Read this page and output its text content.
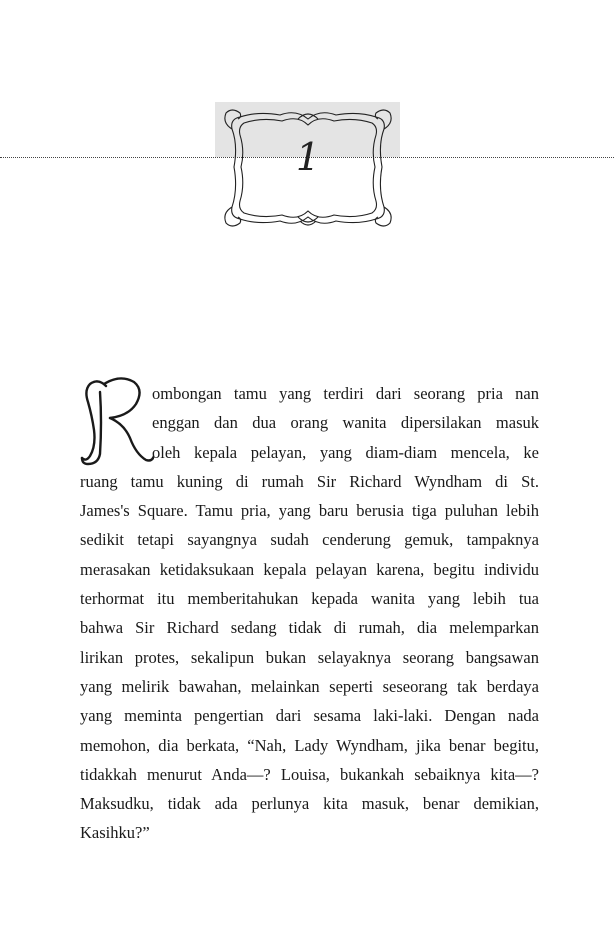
1
ombongan tamu yang terdiri dari seorang pria nan
enggan dan dua orang wanita dipersilakan masuk
oleh kepala pelayan, yang diam-diam mencela, ke
ruang tamu kuning di rumah Sir Richard Wyndham di St.
James's Square. Tamu pria, yang baru berusia tiga puluhan lebih
sedikit tetapi sayangnya sudah cenderung gemuk, tampaknya
merasakan ketidaksukaan kepala pelayan karena, begitu individu
terhormat itu memberitahukan kepada wanita yang lebih tua
bahwa Sir Richard sedang tidak di rumah, dia melemparkan
lirikan protes, sekalipun bukan selayaknya seorang bangsawan
yang melirik bawahan, melainkan seperti seseorang tak berdaya
yang meminta pengertian dari sesama laki-laki. Dengan nada
memohon, dia berkata, “Nah, Lady Wyndham, jika benar begitu,
tidakkah menurut Anda—? Louisa, bukankah sebaiknya kita—?
Maksudku, tidak ada perlunya kita masuk, benar demikian,
Kasihku?”
